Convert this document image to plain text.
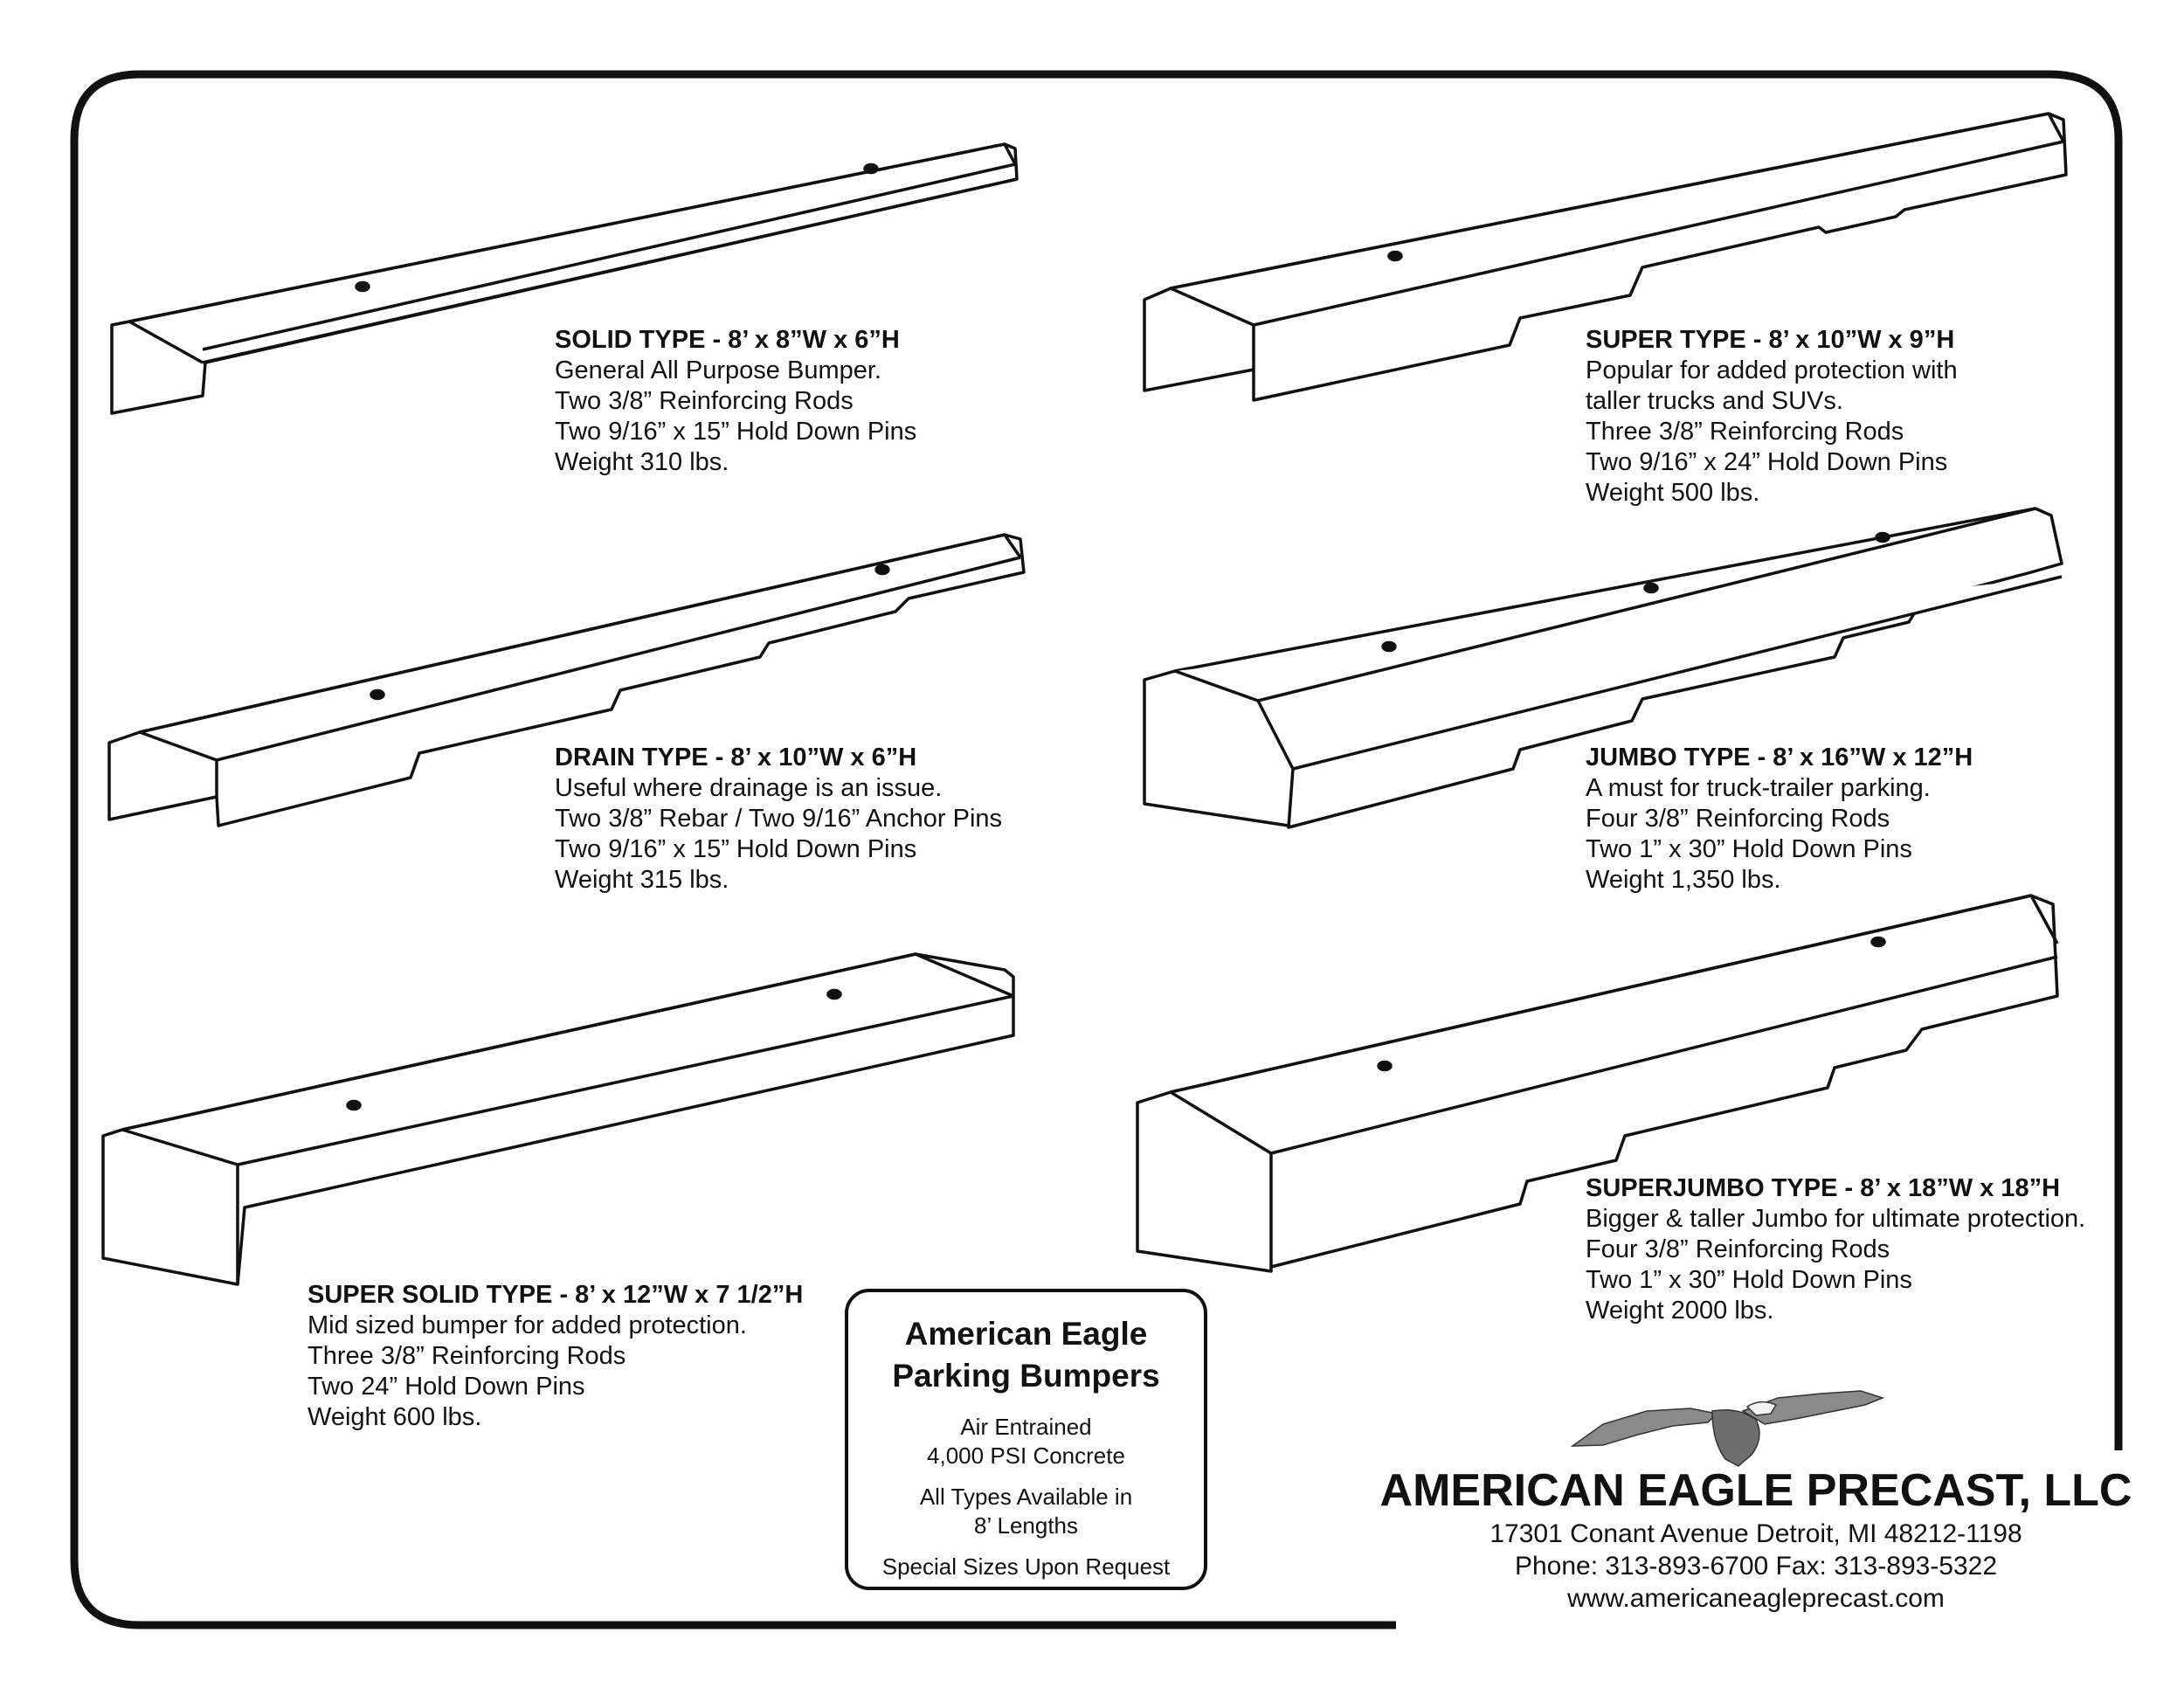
SOLID TYPE - 8’ x 8”W x 6”H
General All Purpose Bumper.
Two 3/8” Reinforcing Rods
Two 9/16” x 15” Hold Down Pins
Weight 310 lbs.
SUPER TYPE - 8’ x 10”W x 9”H
Popular for added protection with
taller trucks and SUVs.
Three 3/8” Reinforcing Rods
Two 9/16” x 24” Hold Down Pins
Weight 500 lbs.
DRAIN TYPE - 8’ x 10”W x 6”H
Useful where drainage is an issue.
Two 3/8” Rebar / Two 9/16” Anchor Pins
Two 9/16” x 15” Hold Down Pins
Weight 315 lbs.
JUMBO TYPE - 8’ x 16”W x 12”H
A must for truck-trailer parking.
Four 3/8” Reinforcing Rods
Two 1” x 30” Hold Down Pins
Weight 1,350 lbs.
SUPERJUMBO TYPE - 8’ x 18”W x 18”H
Bigger & taller Jumbo for ultimate protection.
Four 3/8” Reinforcing Rods
Two 1” x 30” Hold Down Pins
Weight 2000 lbs.
SUPER SOLID TYPE - 8’ x 12”W x 7 1/2”H
Mid sized bumper for added protection.
Three 3/8” Reinforcing Rods
Two 24” Hold Down Pins
Weight 600 lbs.
American Eagle
Parking Bumpers
Air Entrained
4,000 PSI Concrete
All Types Available in
8’ Lengths
Special Sizes Upon Request
AMERICAN EAGLE PRECAST, LLC
17301 Conant Avenue Detroit, MI 48212-1198
Phone: 313-893-6700 Fax: 313-893-5322
www.americaneagleprecast.com
